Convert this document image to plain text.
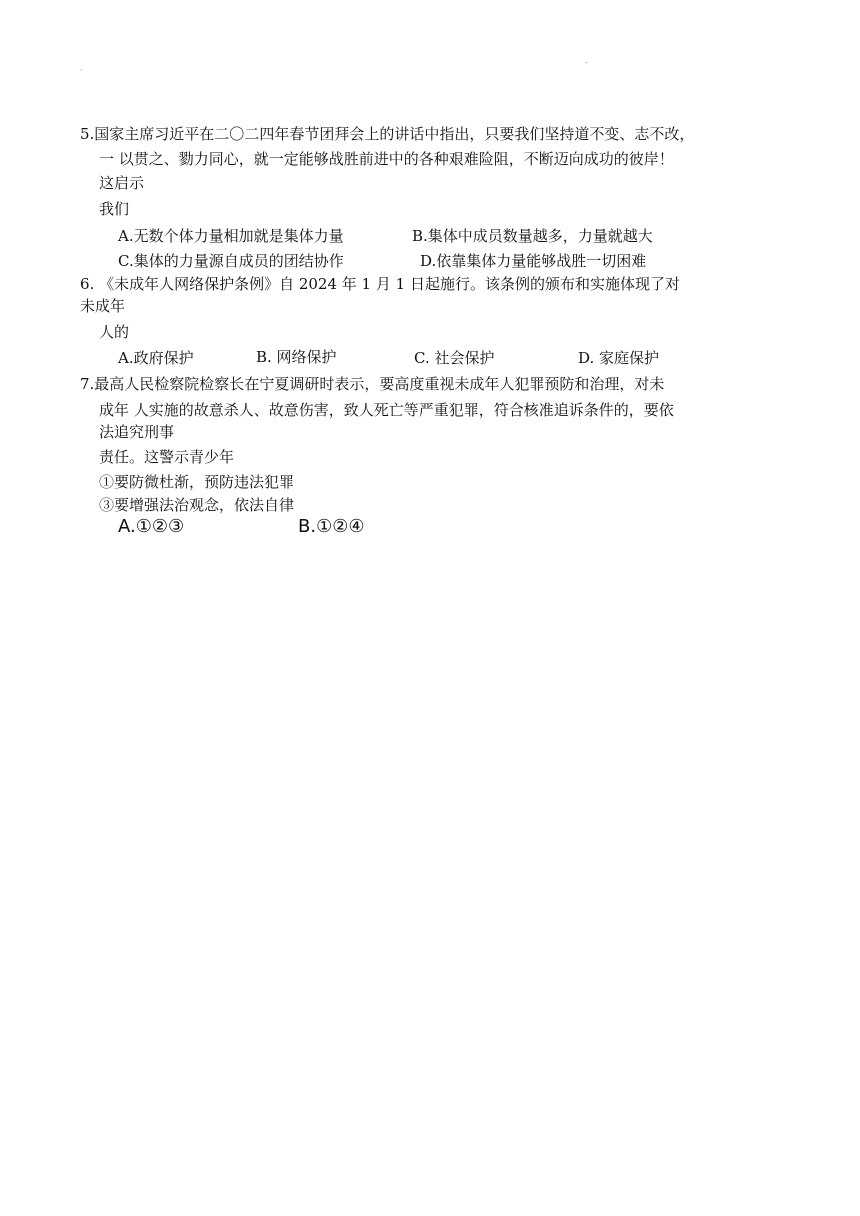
·
-
5.国家主席习近平在二〇二四年春节团拜会上的讲话中指出，只要我们坚持道不变、志不改，
一 以贯之、勠力同心，就一定能够战胜前进中的各种艰难险阻，不断迈向成功的彼岸！
这启示
我们
A.无数个体力量相加就是集体力量	B.集体中成员数量越多，力量就越大
C.集体的力量源自成员的团结协作	D.依靠集体力量能够战胜一切困难
6. 《未成年人网络保护条例》自 2024 年 1 月 1 日起施行。该条例的颁布和实施体现了对
未成年
人的
A.政府保护	B. 网络保护	C. 社会保护	D. 家庭保护
7.最高人民检察院检察长在宁夏调研时表示，要高度重视未成年人犯罪预防和治理，对未
成年 人实施的故意杀人、故意伤害，致人死亡等严重犯罪，符合核准追诉条件的，要依
法追究刑事
责任。这警示青少年
①要防微杜渐，预防违法犯罪
③要增强法治观念，依法自律
A.①②③	B.①②④
